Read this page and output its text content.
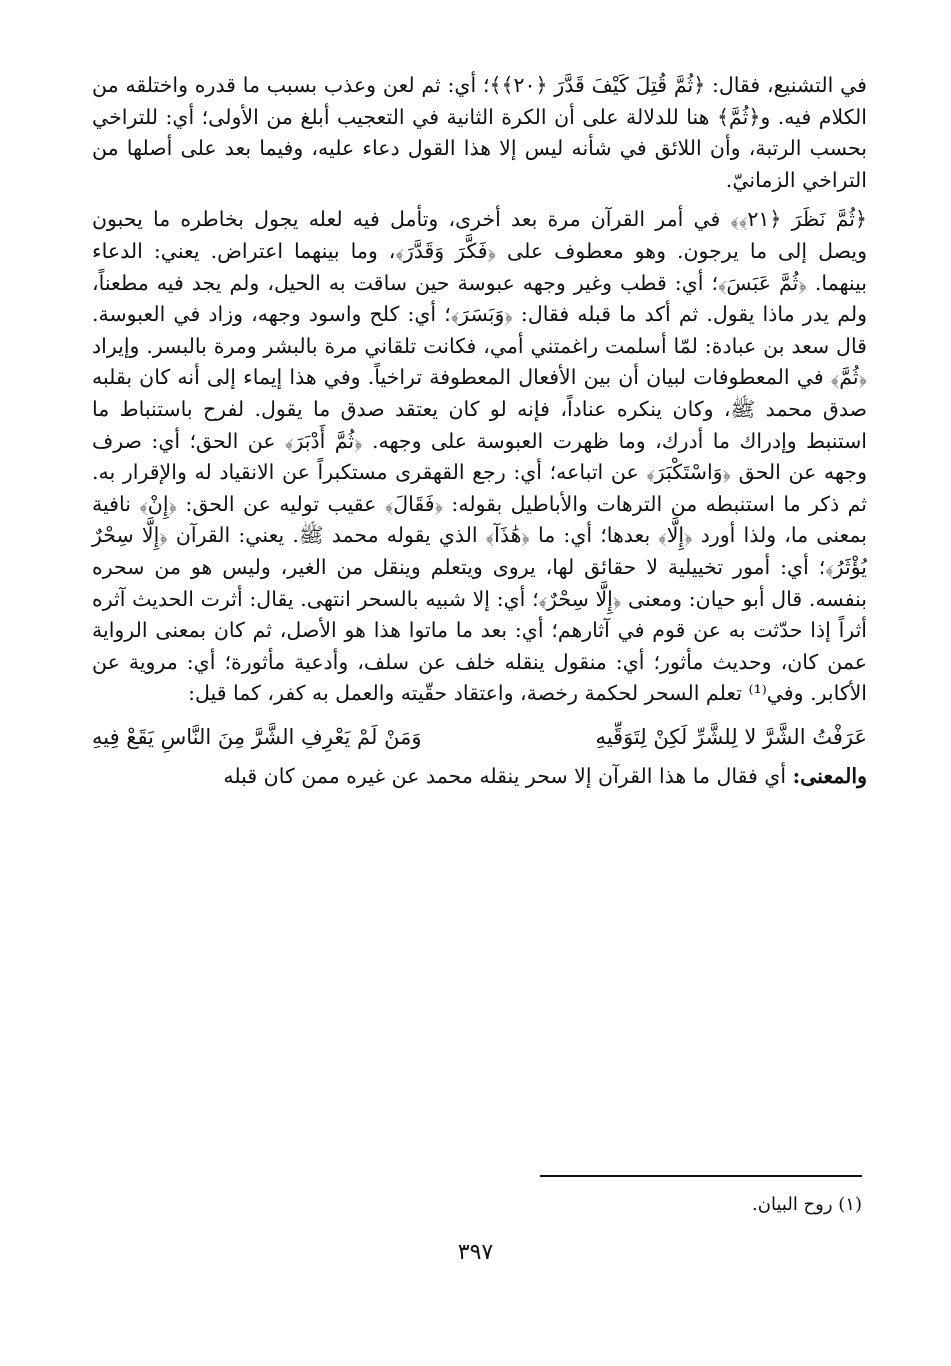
في التشنيع، فقال: ﴿ثُمَّ قُتِلَ كَيْفَ قَدَّرَ ﴿٢٠﴾﴾؛ أي: ثم لعن وعذب بسبب ما قدره واختلقه من الكلام فيه. و﴿ثُمَّ﴾ هنا للدلالة على أن الكرة الثانية في التعجيب أبلغ من الأولى؛ أي: للتراخي بحسب الرتبة، وأن اللائق في شأنه ليس إلا هذا القول دعاء عليه، وفيما بعد على أصلها من التراخي الزمانيّ.

﴿ثُمَّ نَظَرَ ﴿٢١﴾﴾ في أمر القرآن مرة بعد أخرى، وتأمل فيه لعله يجول بخاطره ما يحبون ويصل إلى ما يرجون. وهو معطوف على ﴿فَكَّرَ وَقَدَّرَ﴾، وما بينهما اعتراض. يعني: الدعاء بينهما. ﴿ثُمَّ عَبَسَ﴾؛ أي: قطب وغير وجهه عبوسة حين ساقت به الحيل، ولم يجد فيه مطعناً، ولم يدر ماذا يقول. ثم أكد ما قبله فقال: ﴿وَبَسَرَ﴾؛ أي: كلح واسود وجهه، وزاد في العبوسة. قال سعد بن عبادة: لمّا أسلمت راغمتني أمي، فكانت تلقاني مرة بالبشر ومرة بالبسر. وإيراد ﴿ثُمَّ﴾ في المعطوفات لبيان أن بين الأفعال المعطوفة تراخياً. وفي هذا إيماء إلى أنه كان بقلبه صدق محمد ﷺ، وكان ينكره عناداً، فإنه لو كان يعتقد صدق ما يقول. لفرح باستنباط ما استنبط وإدراك ما أدرك، وما ظهرت العبوسة على وجهه. ﴿ثُمَّ أَدْبَرَ﴾ عن الحق؛ أي: صرف وجهه عن الحق ﴿وَاسْتَكْبَرَ﴾ عن اتباعه؛ أي: رجع القهقرى مستكبراً عن الانقياد له والإقرار به. ثم ذكر ما استنبطه من الترهات والأباطيل بقوله: ﴿فَقَالَ﴾ عقيب توليه عن الحق: ﴿إِنْ﴾ نافية بمعنى ما، ولذا أورد ﴿إِلَّا﴾ بعدها؛ أي: ما ﴿هَٰذَآ﴾ الذي يقوله محمد ﷺ. يعني: القرآن ﴿إِلَّا سِحْرٌ يُؤْثَرُ﴾؛ أي: أمور تخييلية لا حقائق لها، يروى ويتعلم وينقل من الغير، وليس هو من سحره بنفسه. قال أبو حيان: ومعنى ﴿إِلَّا سِحْرٌ﴾؛ أي: إلا شبيه بالسحر انتهى. يقال: أثرت الحديث آثره أثراً إذا حدّثت به عن قوم في آثارهم؛ أي: بعد ما ماتوا هذا هو الأصل، ثم كان بمعنى الرواية عمن كان، وحديث مأثور؛ أي: منقول ينقله خلف عن سلف، وأدعية مأثورة؛ أي: مروية عن الأكابر. وفي⁽¹⁾ تعلم السحر لحكمة رخصة، واعتقاد حقّيته والعمل به كفر، كما قيل:

عَرَفْتُ الشَّرَّ لا لِلشَّرِّ لَكِنْ لِتَوَقِّيهِ
وَمَنْ لَمْ يَعْرِفِ الشَّرَّ مِنَ النَّاسِ يَقَعْ فِيهِ

والمعنى: أي فقال ما هذا القرآن إلا سحر ينقله محمد عن غيره ممن كان قبله

(١) روح البيان.
٣٩٧
